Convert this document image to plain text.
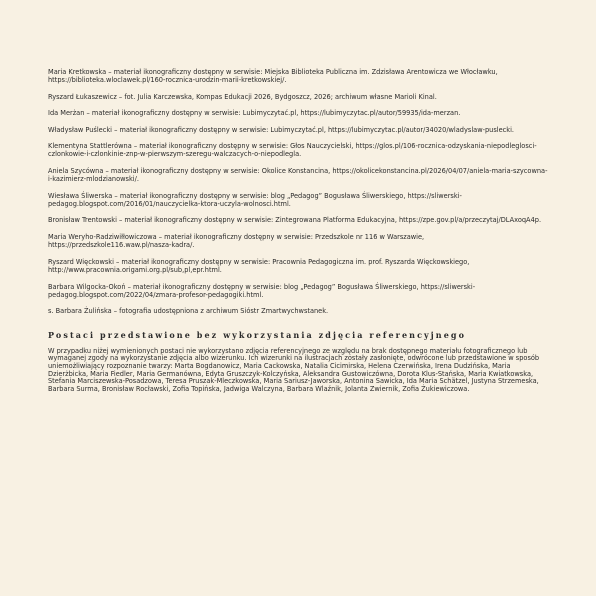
Maria Kretkowska – materiał ikonograficzny dostępny w serwisie: Miejska Biblioteka Publiczna im. Zdzisława Arentowicza we Włocławku, https://biblioteka.wloclawek.pl/160-rocznica-urodzin-marii-kretkowskiej/.

Ryszard Łukaszewicz – fot. Julia Karczewska, Kompas Edukacji 2026, Bydgoszcz, 2026; archiwum własne Marioli Kinal.

Ida Merżan – materiał ikonograficzny dostępny w serwisie: Lubimyczytać.pl, https://lubimyczytac.pl/autor/59935/ida-merzan.

Władysław Puślecki – materiał ikonograficzny dostępny w serwisie: Lubimyczytać.pl, https://lubimyczytac.pl/autor/34020/wladyslaw-puslecki.

Klementyna Stattlerówna – materiał ikonograficzny dostępny w serwisie: Głos Nauczycielski, https://glos.pl/106-rocznica-odzyskania-niepodleglosci-czlonkowie-i-czlonkinie-znp-w-pierwszym-szeregu-walczacych-o-niepodlegla.

Aniela Szycówna – materiał ikonograficzny dostępny w serwisie: Okolice Konstancina, https://okolicekonstancina.pl/2026/04/07/aniela-maria-szycowna-i-kazimierz-mlodzianowski/.

Wiesława Śliwerska – materiał ikonograficzny dostępny w serwisie: blog „Pedagog” Bogusława Śliwerskiego, https://sliwerski-pedagog.blogspot.com/2016/01/nauczycielka-ktora-uczyla-wolnosci.html.

Bronisław Trentowski – materiał ikonograficzny dostępny w serwisie: Zintegrowana Platforma Edukacyjna, https://zpe.gov.pl/a/przeczytaj/DLAxoqA4p.

Maria Weryho-Radziwiłłowiczowa – materiał ikonograficzny dostępny w serwisie: Przedszkole nr 116 w Warszawie, https://przedszkole116.waw.pl/nasza-kadra/.

Ryszard Więckowski – materiał ikonograficzny dostępny w serwisie: Pracownia Pedagogiczna im. prof. Ryszarda Więckowskiego, http://www.pracownia.origami.org.pl/sub,pl,epr.html.

Barbara Wilgocka-Okoń – materiał ikonograficzny dostępny w serwisie: blog „Pedagog” Bogusława Śliwerskiego, https://sliwerski-pedagog.blogspot.com/2022/04/zmara-profesor-pedagogiki.html.

s. Barbara Żulińska – fotografia udostępniona z archiwum Sióstr Zmartwychwstanek.

Postaci przedstawione bez wykorzystania zdjęcia referencyjnego

W przypadku niżej wymienionych postaci nie wykorzystano zdjęcia referencyjnego ze względu na brak dostępnego materiału fotograficznego lub wymaganej zgody na wykorzystanie zdjęcia albo wizerunku. Ich wizerunki na ilustracjach zostały zasłonięte, odwrócone lub przedstawione w sposób uniemożliwiający rozpoznanie twarzy: Marta Bogdanowicz, Maria Cackowska, Natalia Cicimirska, Helena Czerwińska, Irena Dudzińska, Maria Dzierżbicka, Maria Fiedler, Maria Germanówna, Edyta Gruszczyk-Kolczyńska, Aleksandra Gustowiczówna, Dorota Klus-Stańska, Maria Kwiatkowska, Stefania Marciszewska-Posadzowa, Teresa Pruszak-Mleczkowska, Maria Sariusz-Jaworska, Antonina Sawicka, Ida Maria Schätzel, Justyna Strzemeska, Barbara Surma, Bronisław Rocławski, Zofia Topińska, Jadwiga Walczyna, Barbara Wlaźnik, Jolanta Zwiernik, Zofia Żukiewiczowa.
